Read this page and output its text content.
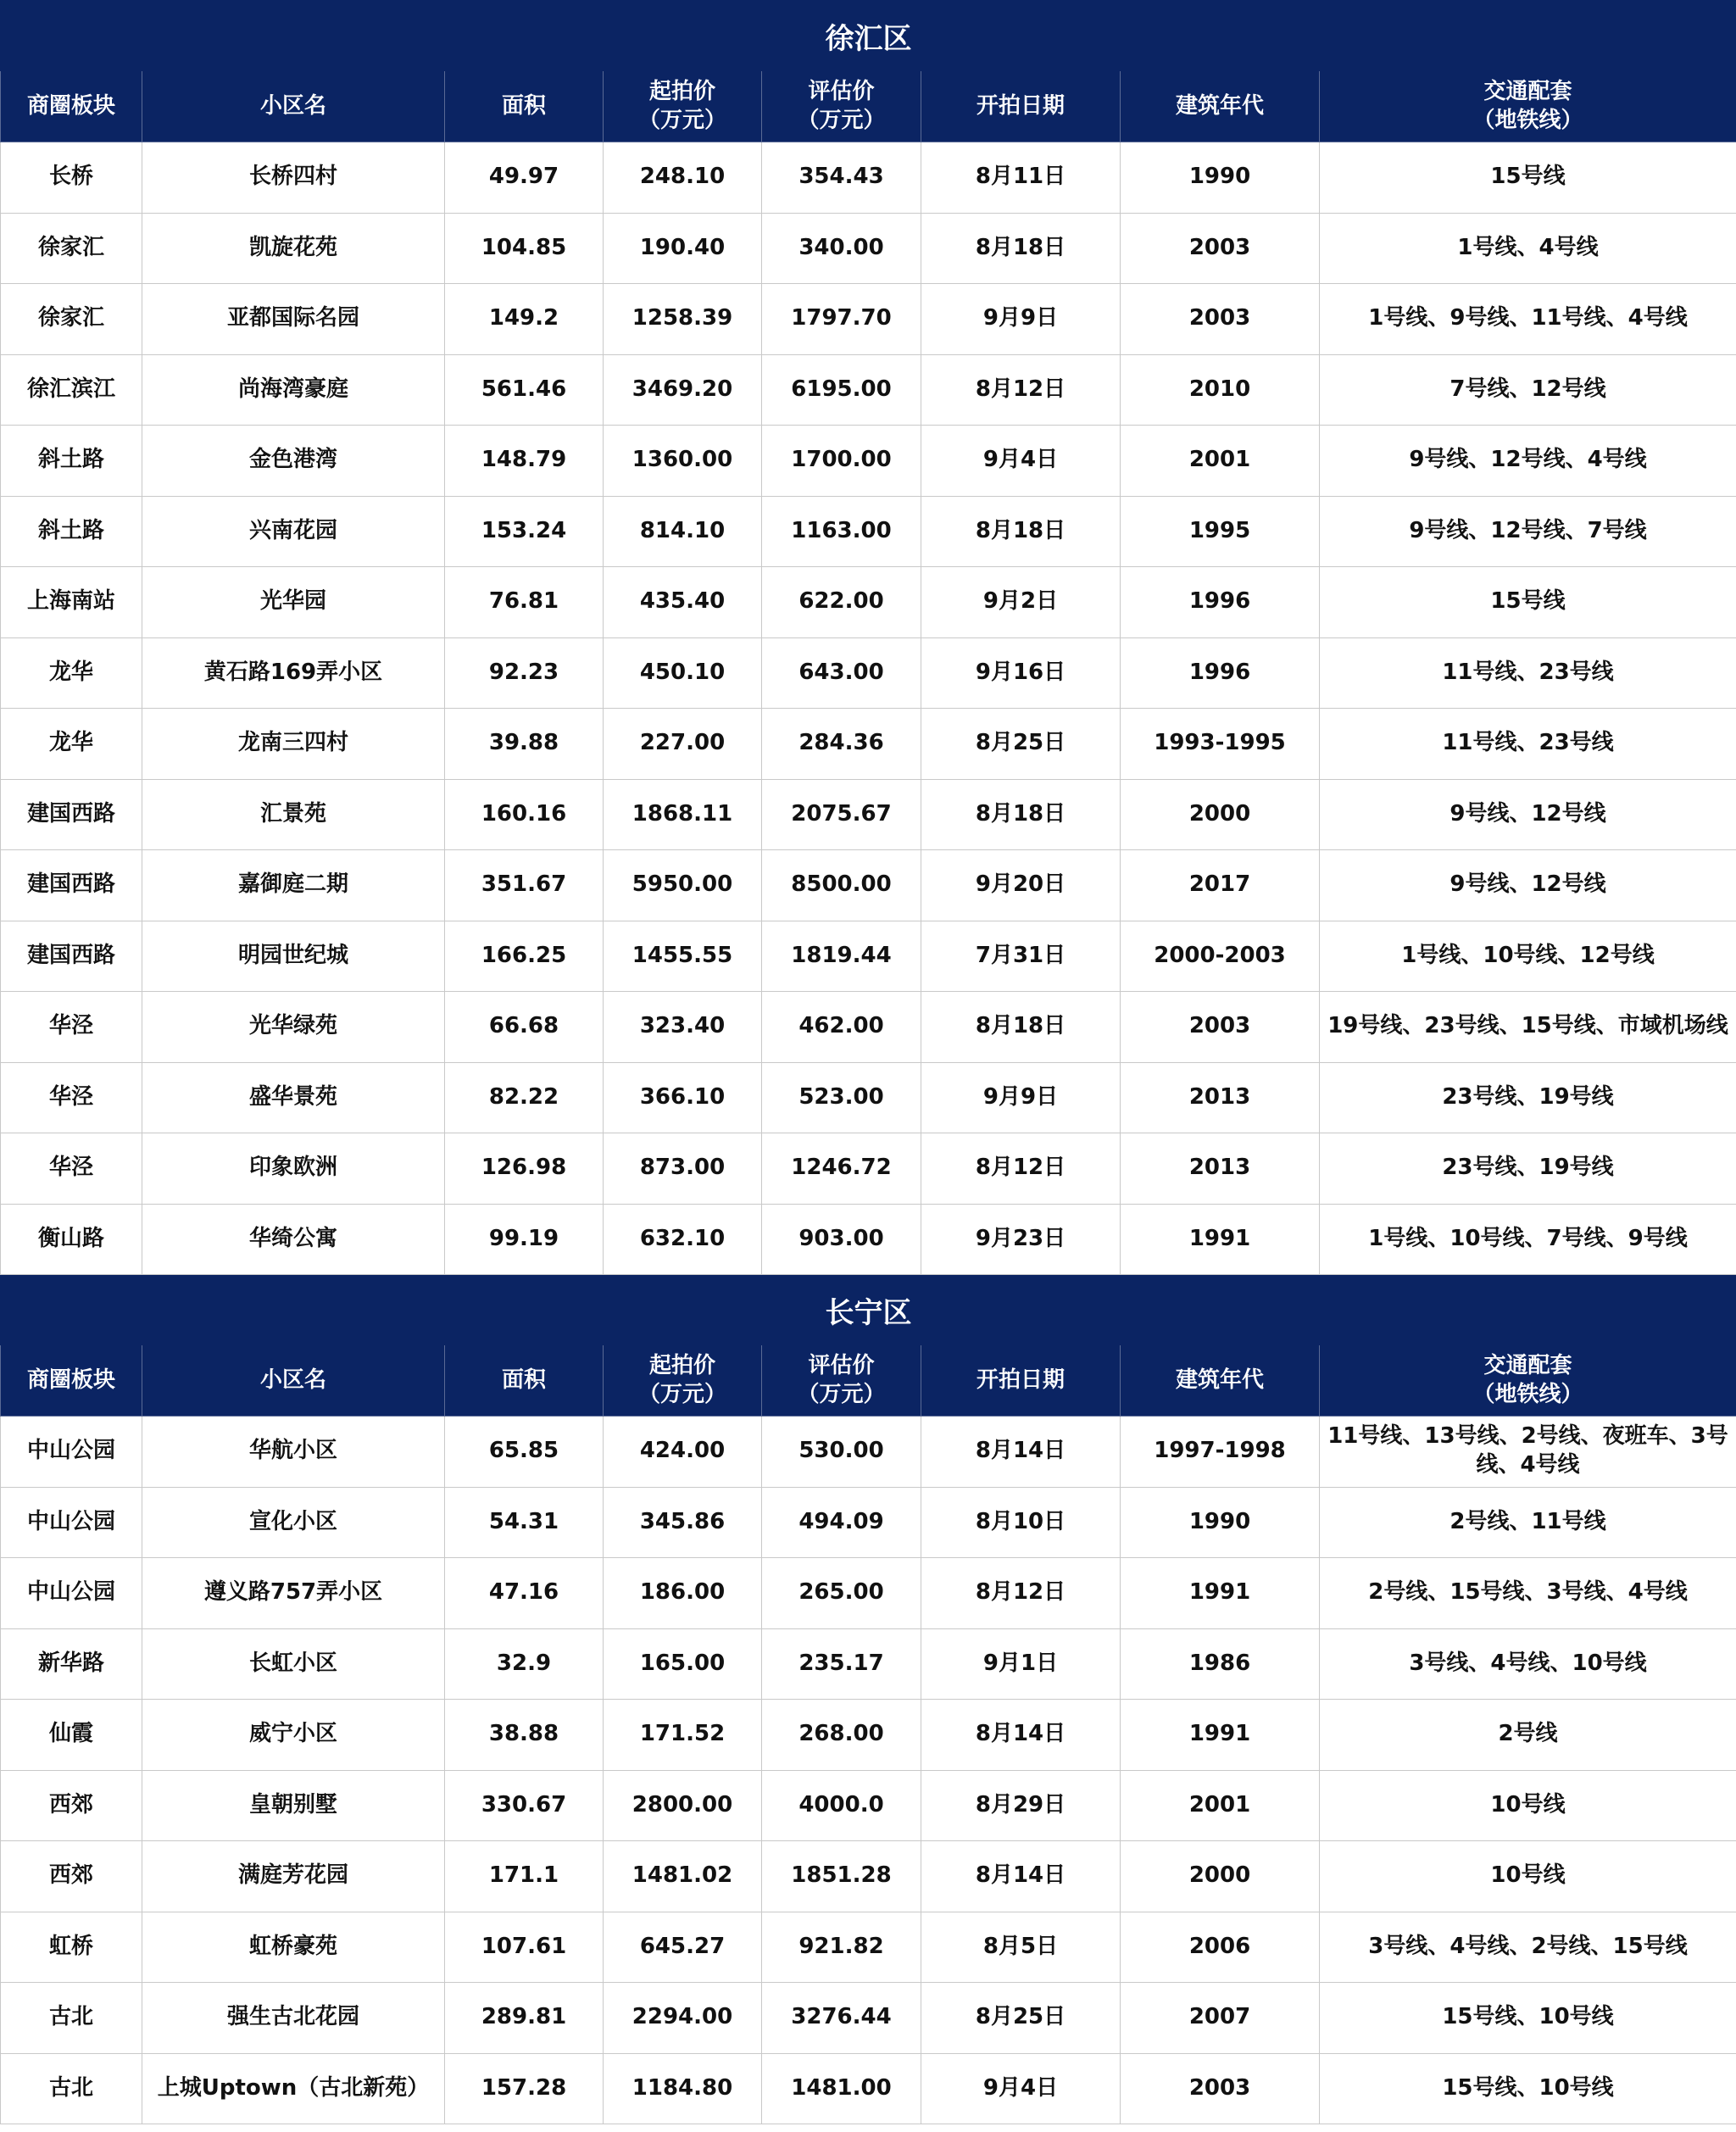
徐汇区							

商圈板块	小区名	面积	起拍价
（万元）	评估价
（万元）	开拍日期	建筑年代	交通配套
（地铁线）

长桥	长桥四村	49.97	248.10	354.43	8月11日	1990	15号线
徐家汇	凯旋花苑	104.85	190.40	340.00	8月18日	2003	1号线、4号线
徐家汇	亚都国际名园	149.2	1258.39	1797.70	9月9日	2003	1号线、9号线、11号线、4号线
徐汇滨江	尚海湾豪庭	561.46	3469.20	6195.00	8月12日	2010	7号线、12号线
斜土路	金色港湾	148.79	1360.00	1700.00	9月4日	2001	9号线、12号线、4号线
斜土路	兴南花园	153.24	814.10	1163.00	8月18日	1995	9号线、12号线、7号线
上海南站	光华园	76.81	435.40	622.00	9月2日	1996	15号线
龙华	黄石路169弄小区	92.23	450.10	643.00	9月16日	1996	11号线、23号线
龙华	龙南三四村	39.88	227.00	284.36	8月25日	1993-1995	11号线、23号线
建国西路	汇景苑	160.16	1868.11	2075.67	8月18日	2000	9号线、12号线
建国西路	嘉御庭二期	351.67	5950.00	8500.00	9月20日	2017	9号线、12号线
建国西路	明园世纪城	166.25	1455.55	1819.44	7月31日	2000-2003	1号线、10号线、12号线
华泾	光华绿苑	66.68	323.40	462.00	8月18日	2003	19号线、23号线、15号线、市域机场线
华泾	盛华景苑	82.22	366.10	523.00	9月9日	2013	23号线、19号线
华泾	印象欧洲	126.98	873.00	1246.72	8月12日	2013	23号线、19号线
衡山路	华绮公寓	99.19	632.10	903.00	9月23日	1991	1号线、10号线、7号线、9号线
长宁区							

商圈板块	小区名	面积	起拍价
（万元）	评估价
（万元）	开拍日期	建筑年代	交通配套
（地铁线）

中山公园	华航小区	65.85	424.00	530.00	8月14日	1997-1998	11号线、13号线、2号线、夜班车、3号线、4号线
中山公园	宣化小区	54.31	345.86	494.09	8月10日	1990	2号线、11号线
中山公园	遵义路757弄小区	47.16	186.00	265.00	8月12日	1991	2号线、15号线、3号线、4号线
新华路	长虹小区	32.9	165.00	235.17	9月1日	1986	3号线、4号线、10号线
仙霞	威宁小区	38.88	171.52	268.00	8月14日	1991	2号线
西郊	皇朝别墅	330.67	2800.00	4000.0	8月29日	2001	10号线
西郊	满庭芳花园	171.1	1481.02	1851.28	8月14日	2000	10号线
虹桥	虹桥豪苑	107.61	645.27	921.82	8月5日	2006	3号线、4号线、2号线、15号线
古北	强生古北花园	289.81	2294.00	3276.44	8月25日	2007	15号线、10号线
古北	上城Uptown（古北新苑）	157.28	1184.80	1481.00	9月4日	2003	15号线、10号线
